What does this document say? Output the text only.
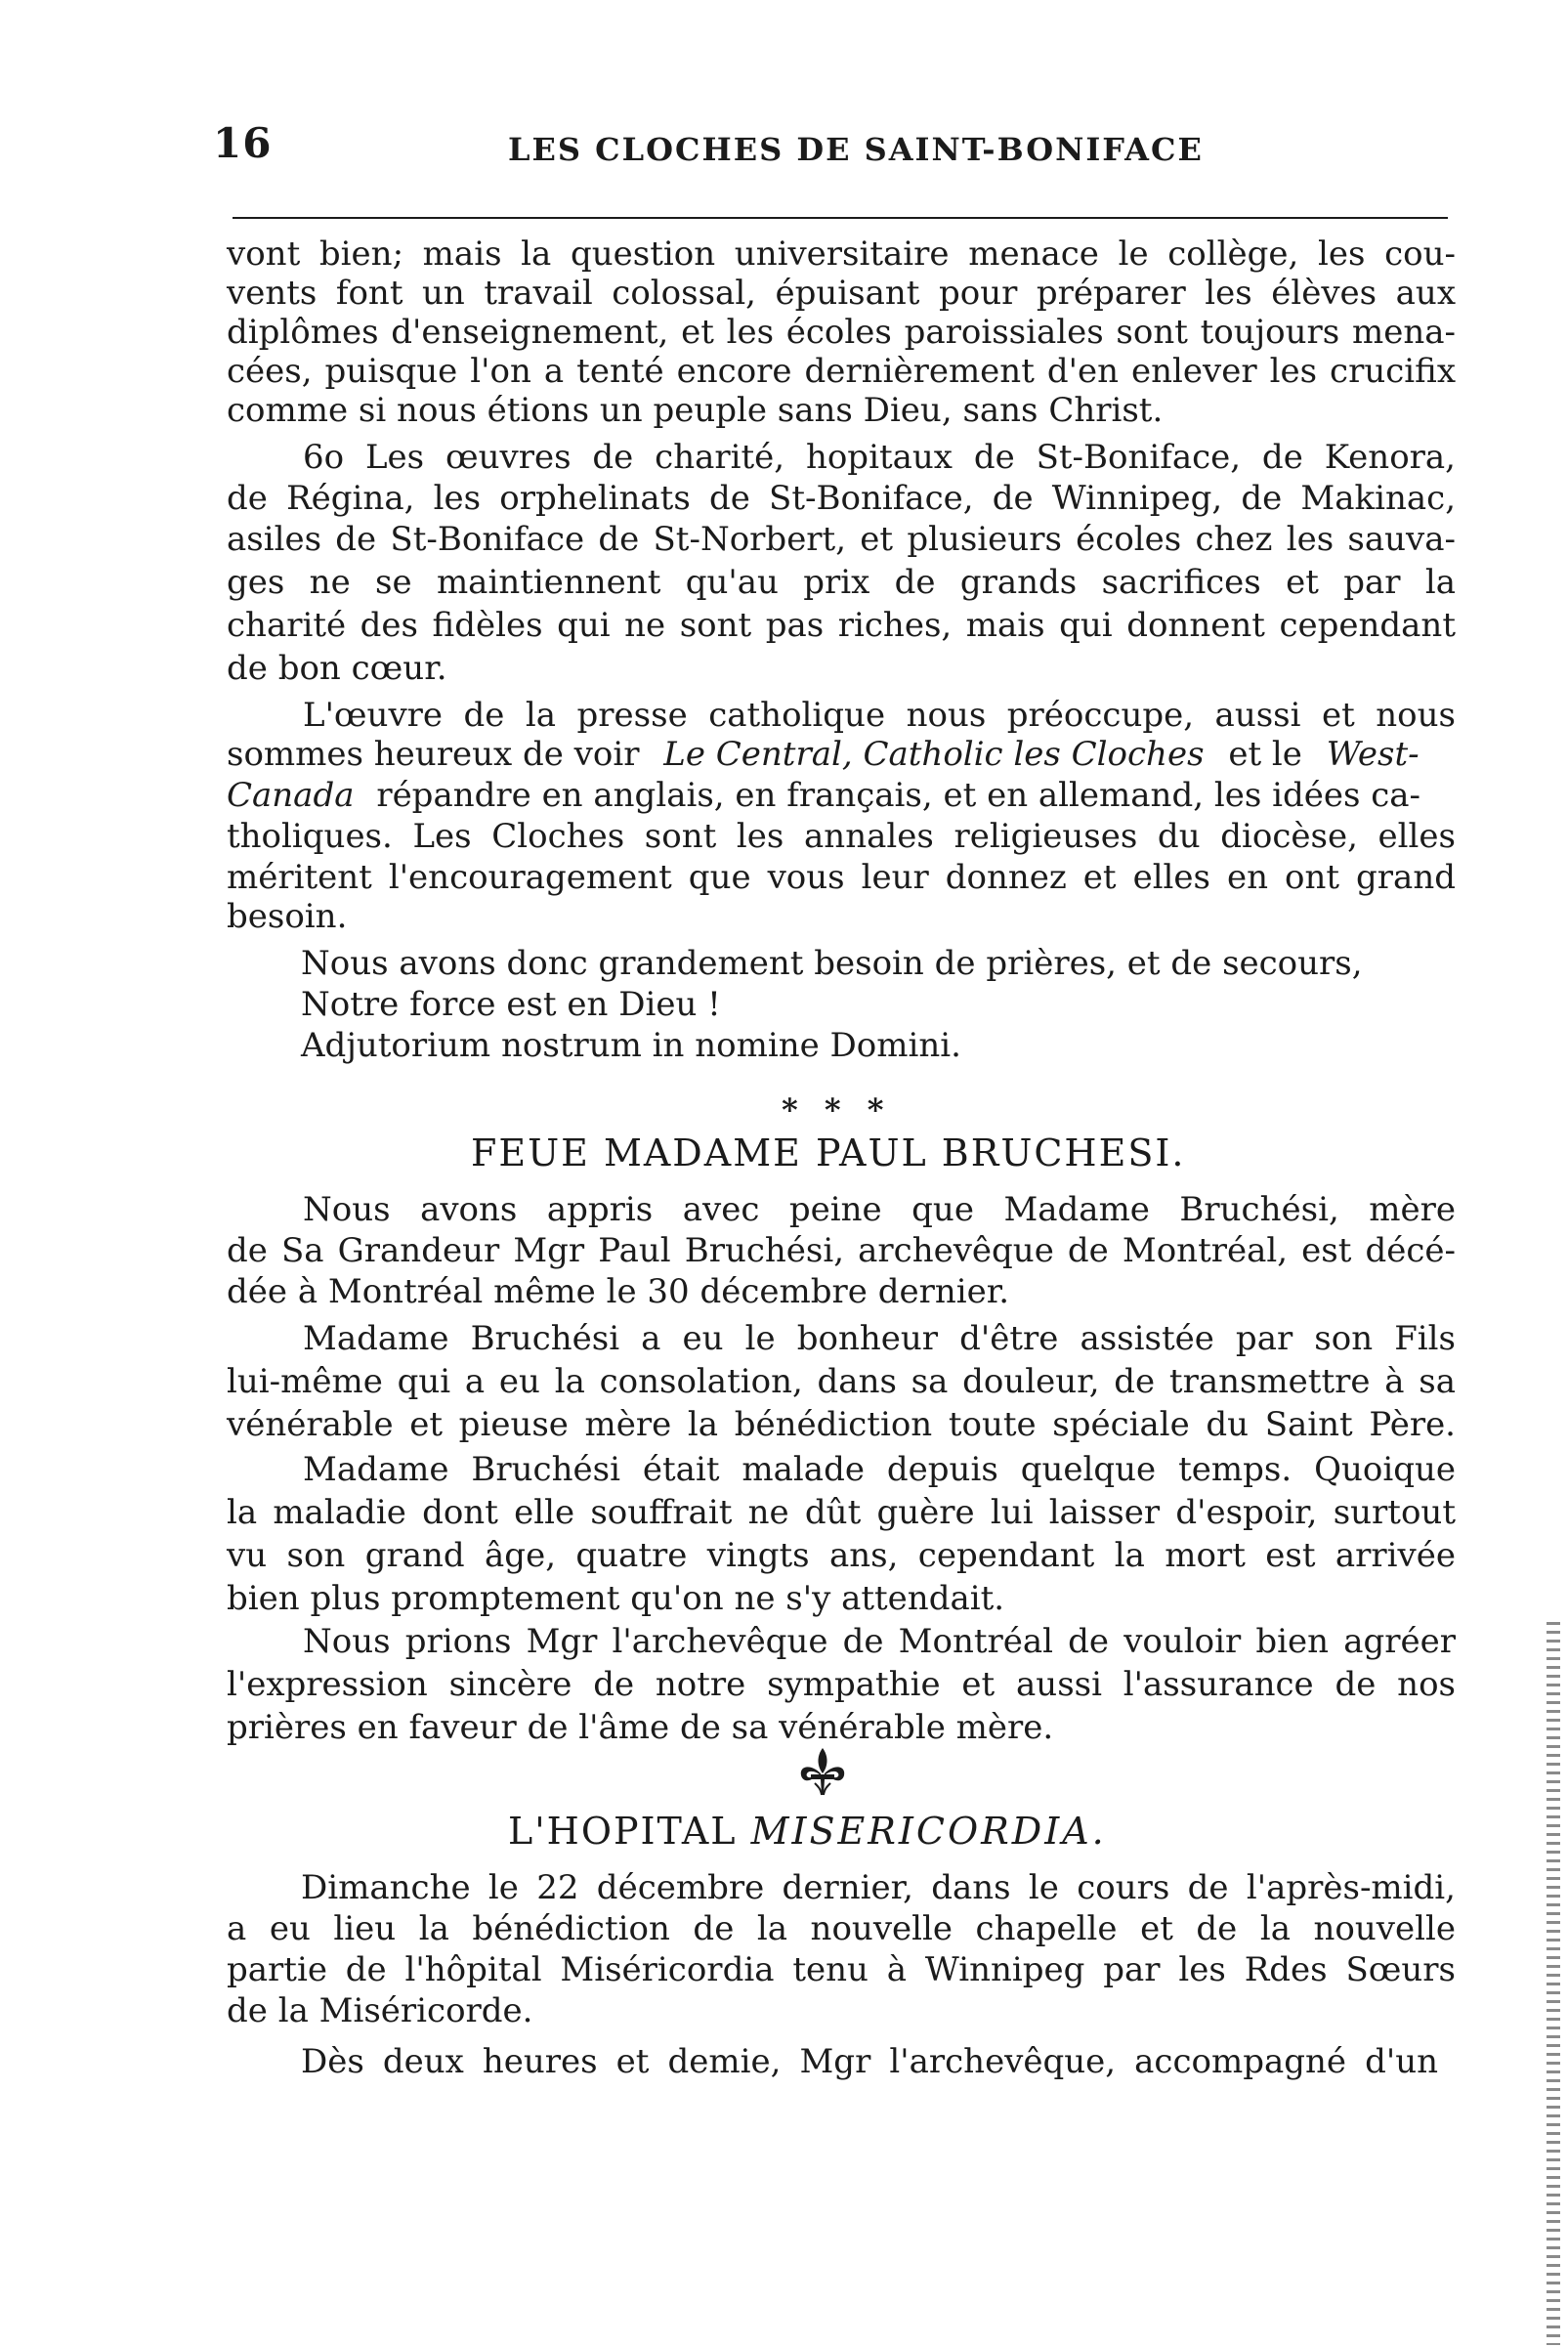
16	LES CLOCHES DE SAINT-BONIFACE
vont bien; mais la question universitaire menace le collège, les cou-
vents font un travail colossal, épuisant pour préparer les élèves aux
diplômes d'enseignement, et les écoles paroissiales sont toujours mena-
cées, puisque l'on a tenté encore dernièrement d'en enlever les crucifix
comme si nous étions un peuple sans Dieu, sans Christ.
6o Les œuvres de charité, hopitaux de St-Boniface, de Kenora,
de Régina, les orphelinats de St-Boniface, de Winnipeg, de Makinac,
asiles de St-Boniface de St-Norbert, et plusieurs écoles chez les sauva-
ges ne se maintiennent qu'au prix de grands sacrifices et par la
charité des fidèles qui ne sont pas riches, mais qui donnent cependant
de bon cœur.
L'œuvre de la presse catholique nous préoccupe, aussi et nous
sommes heureux de voir Le Central, Catholic les Cloches et le West-
Canada répandre en anglais, en français, et en allemand, les idées ca-
tholiques. Les Cloches sont les annales religieuses du diocèse, elles
méritent l'encouragement que vous leur donnez et elles en ont grand
besoin.
Nous avons donc grandement besoin de prières, et de secours,
Notre force est en Dieu !
Adjutorium nostrum in nomine Domini.
* * *
FEUE MADAME PAUL BRUCHESI.
Nous avons appris avec peine que Madame Bruchési, mère
de Sa Grandeur Mgr Paul Bruchési, archevêque de Montréal, est décé-
dée à Montréal même le 30 décembre dernier.
Madame Bruchési a eu le bonheur d'être assistée par son Fils
lui-même qui a eu la consolation, dans sa douleur, de transmettre à sa
vénérable et pieuse mère la bénédiction toute spéciale du Saint Père.
Madame Bruchési était malade depuis quelque temps. Quoique
la maladie dont elle souffrait ne dût guère lui laisser d'espoir, surtout
vu son grand âge, quatre vingts ans, cependant la mort est arrivée
bien plus promptement qu'on ne s'y attendait.
Nous prions Mgr l'archevêque de Montréal de vouloir bien agréer
l'expression sincère de notre sympathie et aussi l'assurance de nos
prières en faveur de l'âme de sa vénérable mère.
L'HOPITAL MISERICORDIA.
Dimanche le 22 décembre dernier, dans le cours de l'après-midi,
a eu lieu la bénédiction de la nouvelle chapelle et de la nouvelle
partie de l'hôpital Miséricordia tenu à Winnipeg par les Rdes Sœurs
de la Miséricorde.
Dès deux heures et demie, Mgr l'archevêque, accompagné d'un
